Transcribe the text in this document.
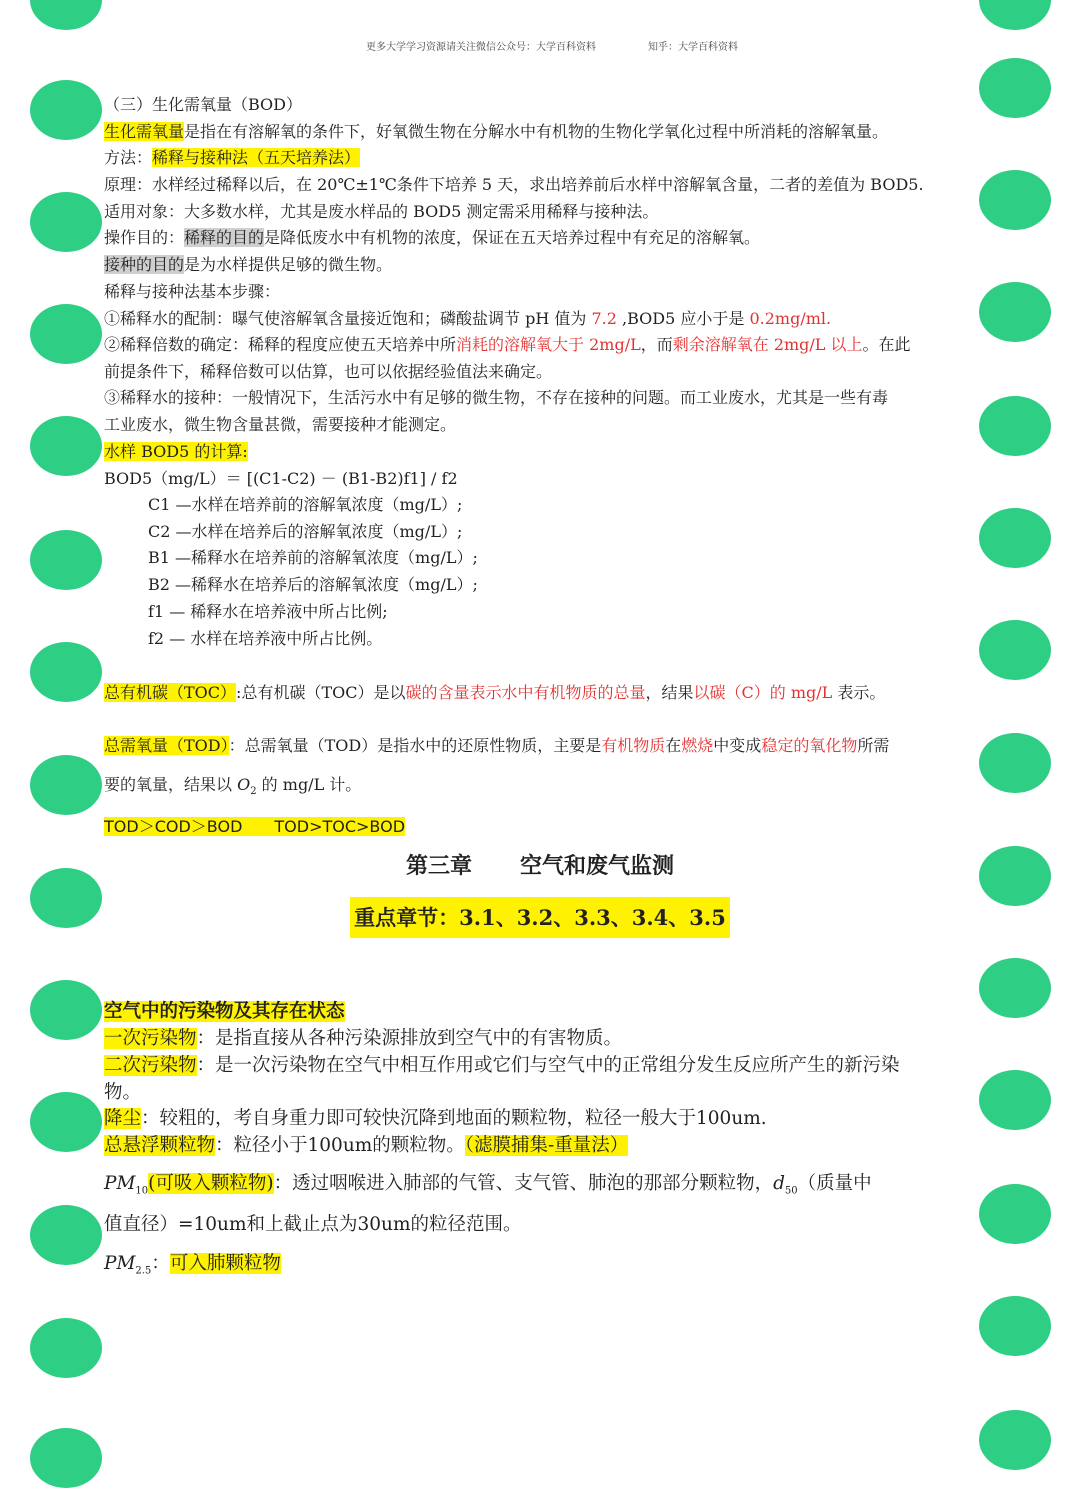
更多大学学习资源请关注微信公众号：大学百科资料	知乎：大学百科资料
（三）生化需氧量（BOD）
生化需氧量是指在有溶解氧的条件下，好氧微生物在分解水中有机物的生物化学氧化过程中所消耗的溶解氧量。
方法：稀释与接种法（五天培养法）
原理：水样经过稀释以后，在 20℃±1℃条件下培养 5 天，求出培养前后水样中溶解氧含量，二者的差值为 BOD5.
适用对象：大多数水样，尤其是废水样品的 BOD5 测定需采用稀释与接种法。
操作目的：稀释的目的是降低废水中有机物的浓度，保证在五天培养过程中有充足的溶解氧。
接种的目的是为水样提供足够的微生物。
稀释与接种法基本步骤：
①稀释水的配制：曝气使溶解氧含量接近饱和；磷酸盐调节 pH 值为 7.2 ,BOD5 应小于是 0.2mg/ml.
②稀释倍数的确定：稀释的程度应使五天培养中所消耗的溶解氧大于 2mg/L，而剩余溶解氧在 2mg/L 以上。在此
前提条件下，稀释倍数可以估算，也可以依据经验值法来确定。
③稀释水的接种：一般情况下，生活污水中有足够的微生物，不存在接种的问题。而工业废水，尤其是一些有毒
工业废水，微生物含量甚微，需要接种才能测定。
水样 BOD5 的计算:
BOD5（mg/L）＝ [(C1-C2) － (B1-B2)f1] / f2
C1 —水样在培养前的溶解氧浓度（mg/L）;
C2 —水样在培养后的溶解氧浓度（mg/L）;
B1 —稀释水在培养前的溶解氧浓度（mg/L）;
B2 —稀释水在培养后的溶解氧浓度（mg/L）;
f1 — 稀释水在培养液中所占比例;
f2 — 水样在培养液中所占比例。
总有机碳（TOC）:总有机碳（TOC）是以碳的含量表示水中有机物质的总量，结果以碳（C）的 mg/L 表示。
总需氧量（TOD）：总需氧量（TOD）是指水中的还原性物质，主要是有机物质在燃烧中变成稳定的氧化物所需
要的氧量，结果以 $O_2$ 的 mg/L 计。
TOD＞COD＞BOD　　TOD>TOC>BOD
第三章 空气和废气监测
重点章节：3.1、3.2、3.3、3.4、3.5
空气中的污染物及其存在状态
一次污染物：是指直接从各种污染源排放到空气中的有害物质。
二次污染物：是一次污染物在空气中相互作用或它们与空气中的正常组分发生反应所产生的新污染
物。
降尘：较粗的，考自身重力即可较快沉降到地面的颗粒物，粒径一般大于100um.
总悬浮颗粒物：粒径小于100um的颗粒物。（滤膜捕集-重量法）
$PM_{10}$(可吸入颗粒物)：透过咽喉进入肺部的气管、支气管、肺泡的那部分颗粒物，$d_{50}$（质量中
值直径）=10um和上截止点为30um的粒径范围。
$PM_{2.5}$：可入肺颗粒物
